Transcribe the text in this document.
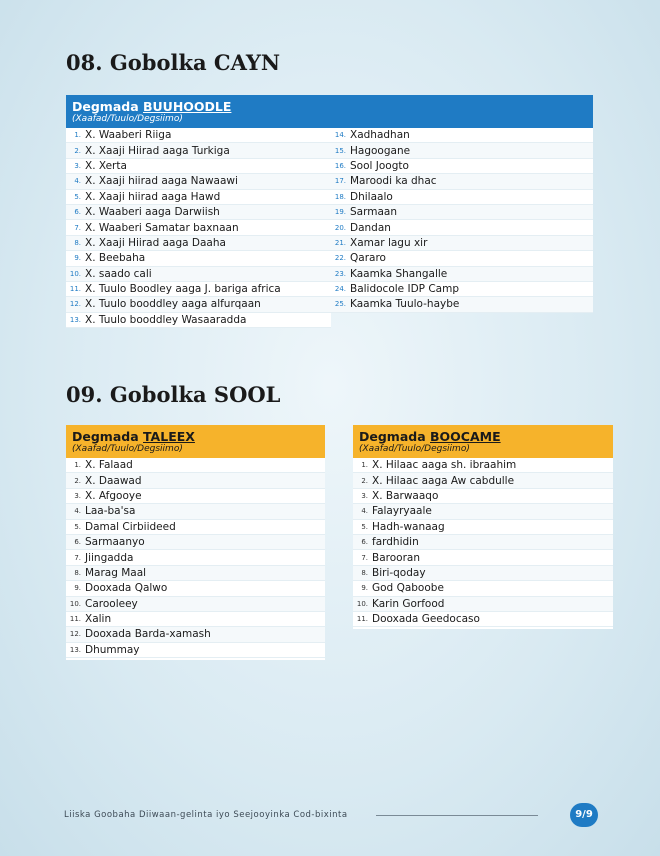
08. Gobolka CAYN
Degmada BUUHOODLE
(Xaafad/Tuulo/Degsiimo)
1. X. Waaberi Riiga
2. X. Xaaji Hiirad aaga Turkiga
3. X. Xerta
4. X. Xaaji hiirad aaga Nawaawi
5. X. Xaaji hiirad aaga Hawd
6. X. Waaberi aaga Darwiish
7. X. Waaberi Samatar baxnaan
8. X. Xaaji Hiirad aaga Daaha
9. X. Beebaha
10. X. saado cali
11. X. Tuulo Boodley aaga J. bariga africa
12. X. Tuulo booddley aaga alfurqaan
13. X. Tuulo booddley Wasaaradda
14. Xadhadhan
15. Hagoogane
16. Sool Joogto
17. Maroodi ka dhac
18. Dhilaalo
19. Sarmaan
20. Dandan
21. Xamar lagu xir
22. Qararo
23. Kaamka Shangalle
24. Balidocole IDP Camp
25. Kaamka Tuulo-haybe
09. Gobolka SOOL
Degmada TALEEX
(Xaafad/Tuulo/Degsiimo)
1. X. Falaad
2. X. Daawad
3. X. Afgooye
4. Laa-ba'sa
5. Damal Cirbiideed
6. Sarmaanyo
7. Jiingadda
8. Marag Maal
9. Dooxada Qalwo
10. Carooleey
11. Xalin
12. Dooxada Barda-xamash
13. Dhummay
Degmada BOOCAME
(Xaafad/Tuulo/Degsiimo)
1. X. Hilaac aaga sh. ibraahim
2. X. Hilaac aaga Aw cabdulle
3. X. Barwaaqo
4. Falayryaale
5. Hadh-wanaag
6. fardhidin
7. Barooran
8. Biri-qoday
9. God Qaboobe
10. Karin Gorfood
11. Dooxada Geedocaso
Liiska Goobaha Diiwaan-gelinta iyo Seejooyinka Cod-bixinta	9/9
